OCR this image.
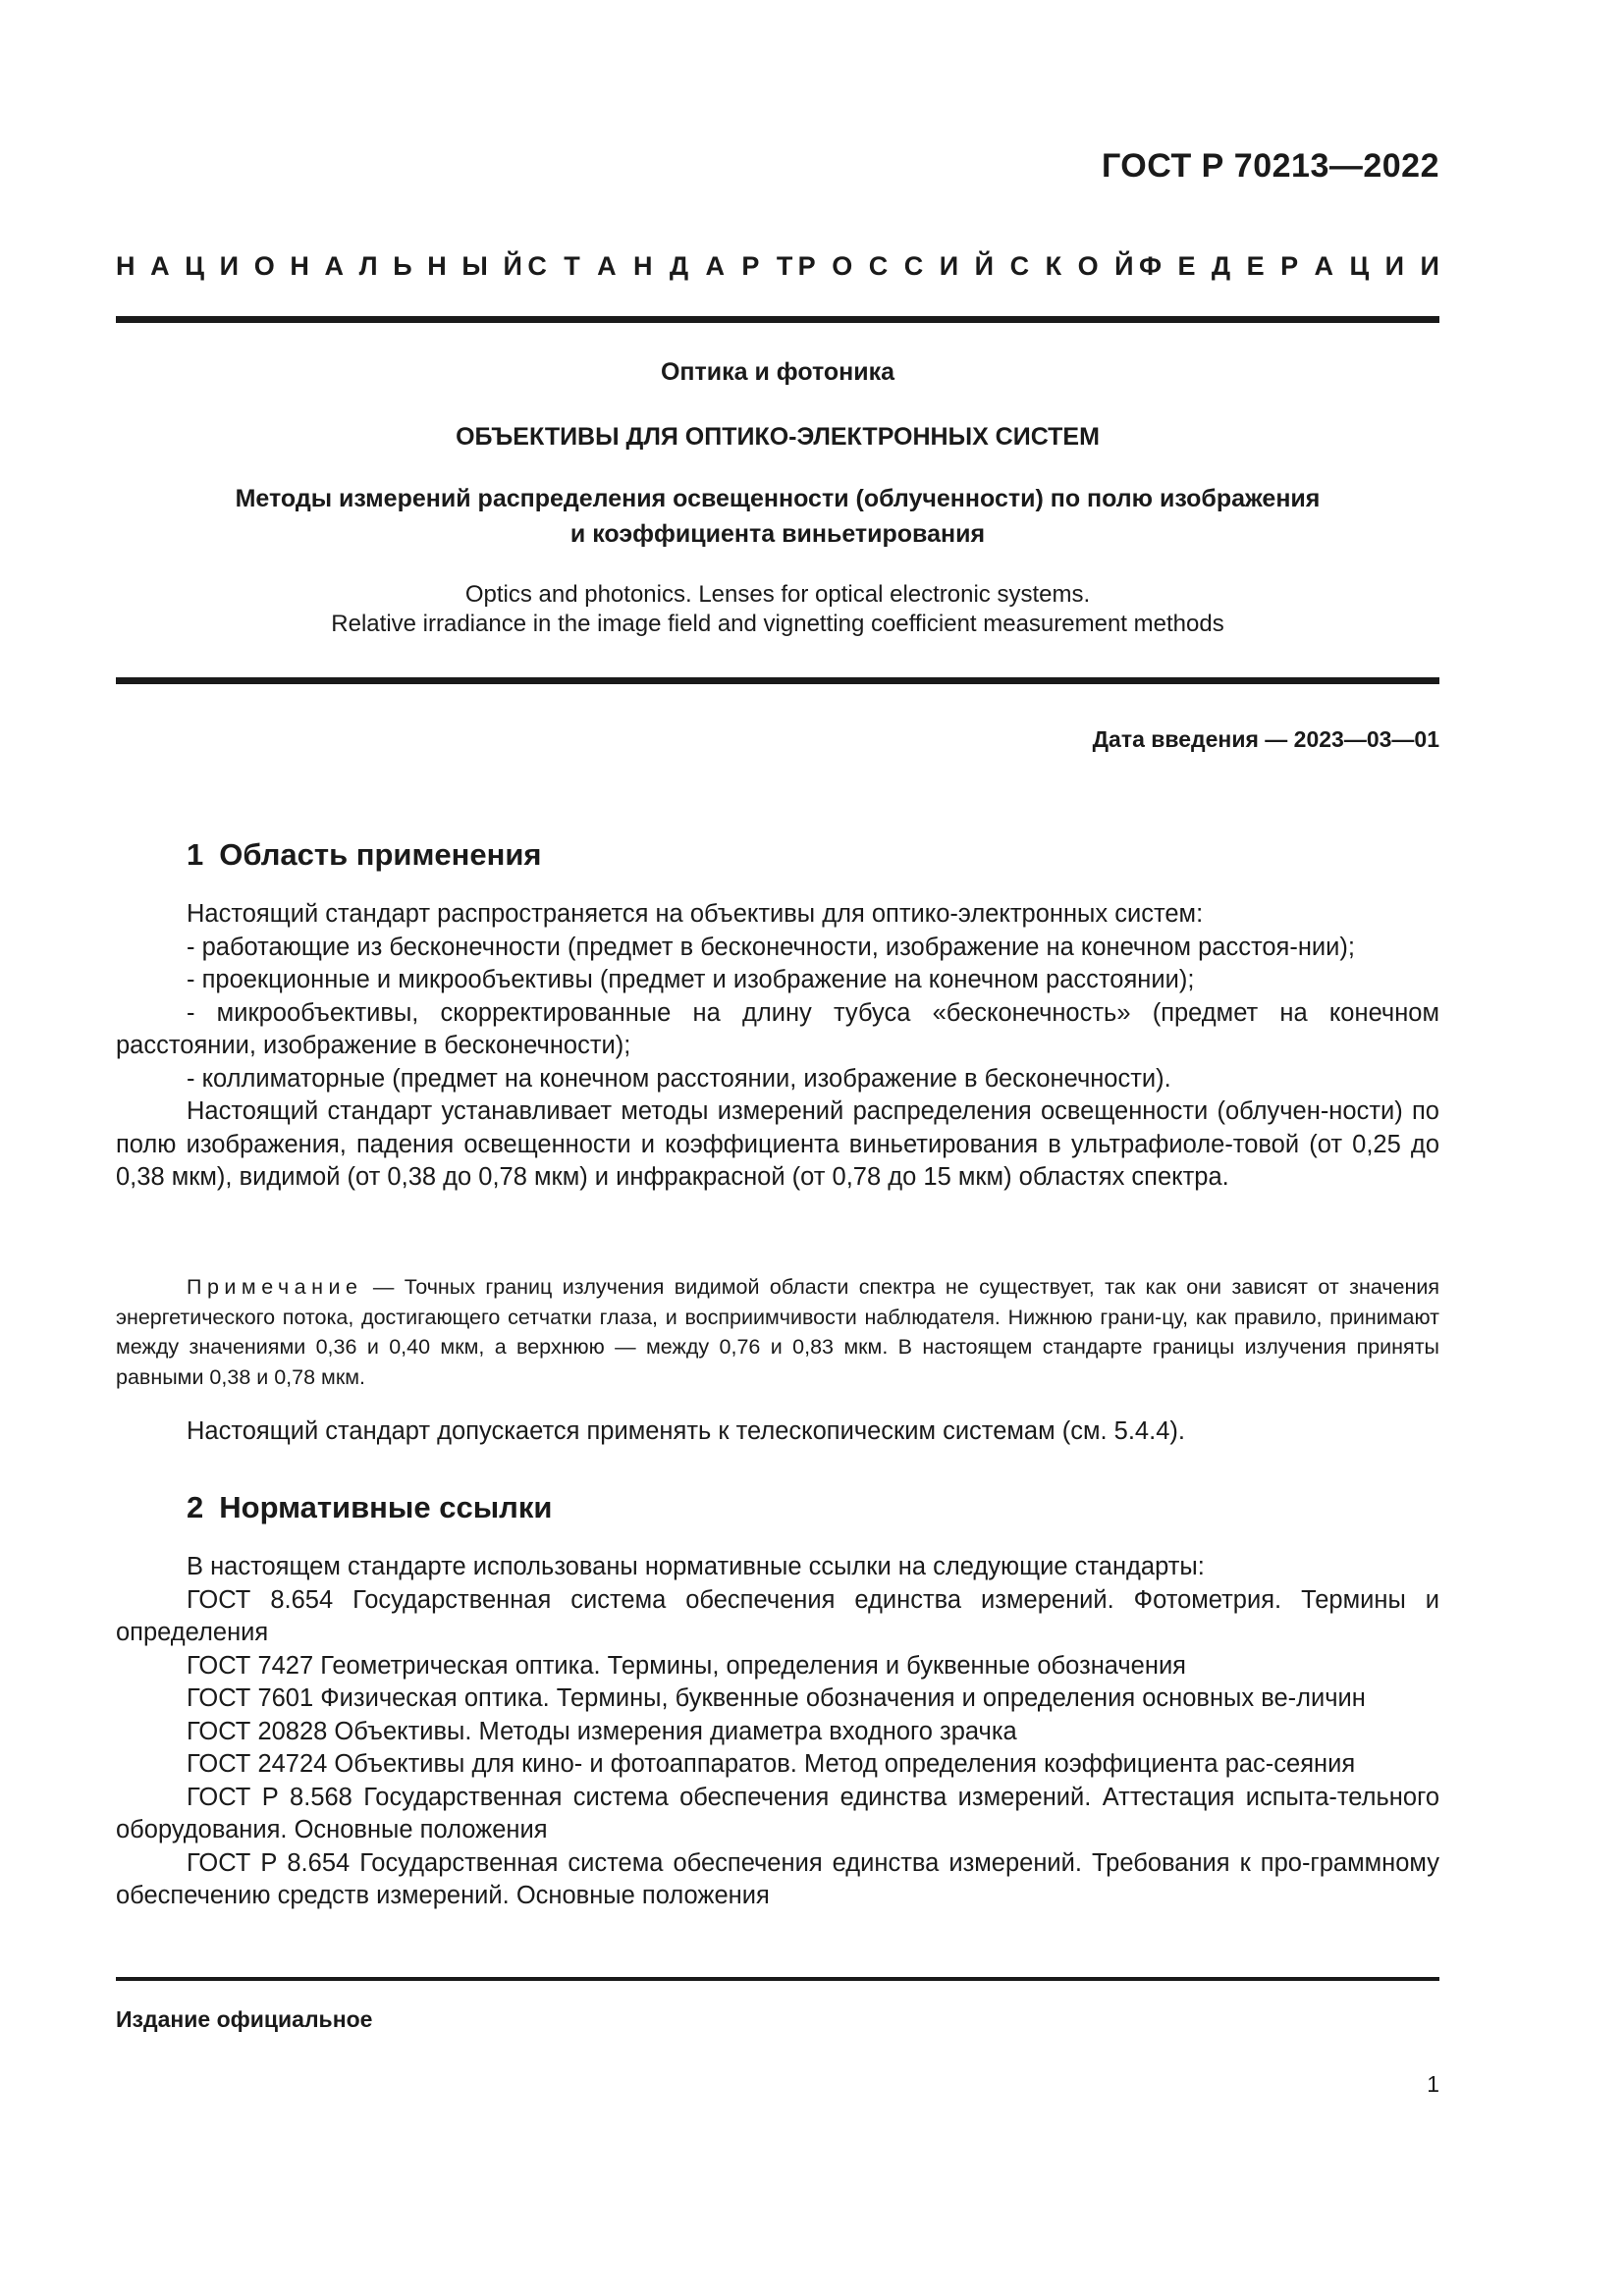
ГОСТ Р 70213—2022
Н А Ц И О Н А Л Ь Н Ы Й С Т А Н Д А Р Т Р О С С И Й С К О Й Ф Е Д Е Р А Ц И И
Оптика и фотоника
ОБЪЕКТИВЫ ДЛЯ ОПТИКО-ЭЛЕКТРОННЫХ СИСТЕМ
Методы измерений распределения освещенности (облученности) по полю изображения
и коэффициента виньетирования
Optics and photonics. Lenses for optical electronic systems.
Relative irradiance in the image field and vignetting coefficient measurement methods
Дата введения — 2023—03—01
1 Область применения

Настоящий стандарт распространяется на объективы для оптико-электронных систем:

- работающие из бесконечности (предмет в бесконечности, изображение на конечном расстоя-нии);

- проекционные и микрообъективы (предмет и изображение на конечном расстоянии);

- микрообъективы, скорректированные на длину тубуса «бесконечность» (предмет на конечном расстоянии, изображение в бесконечности);

- коллиматорные (предмет на конечном расстоянии, изображение в бесконечности).

Настоящий стандарт устанавливает методы измерений распределения освещенности (облучен-ности) по полю изображения, падения освещенности и коэффициента виньетирования в ультрафиоле-товой (от 0,25 до 0,38 мкм), видимой (от 0,38 до 0,78 мкм) и инфракрасной (от 0,78 до 15 мкм) областях спектра.

Примечание — Точных границ излучения видимой области спектра не существует, так как они зависят от значения энергетического потока, достигающего сетчатки глаза, и восприимчивости наблюдателя. Нижнюю грани-цу, как правило, принимают между значениями 0,36 и 0,40 мкм, а верхнюю — между 0,76 и 0,83 мкм. В настоящем стандарте границы излучения приняты равными 0,38 и 0,78 мкм.

Настоящий стандарт допускается применять к телескопическим системам (см. 5.4.4).

2 Нормативные ссылки

В настоящем стандарте использованы нормативные ссылки на следующие стандарты:

ГОСТ 8.654 Государственная система обеспечения единства измерений. Фотометрия. Термины и определения

ГОСТ 7427 Геометрическая оптика. Термины, определения и буквенные обозначения

ГОСТ 7601 Физическая оптика. Термины, буквенные обозначения и определения основных ве-личин

ГОСТ 20828 Объективы. Методы измерения диаметра входного зрачка

ГОСТ 24724 Объективы для кино- и фотоаппаратов. Метод определения коэффициента рас-сеяния

ГОСТ Р 8.568 Государственная система обеспечения единства измерений. Аттестация испыта-тельного оборудования. Основные положения

ГОСТ Р 8.654 Государственная система обеспечения единства измерений. Требования к про-граммному обеспечению средств измерений. Основные положения

Издание официальное
1
